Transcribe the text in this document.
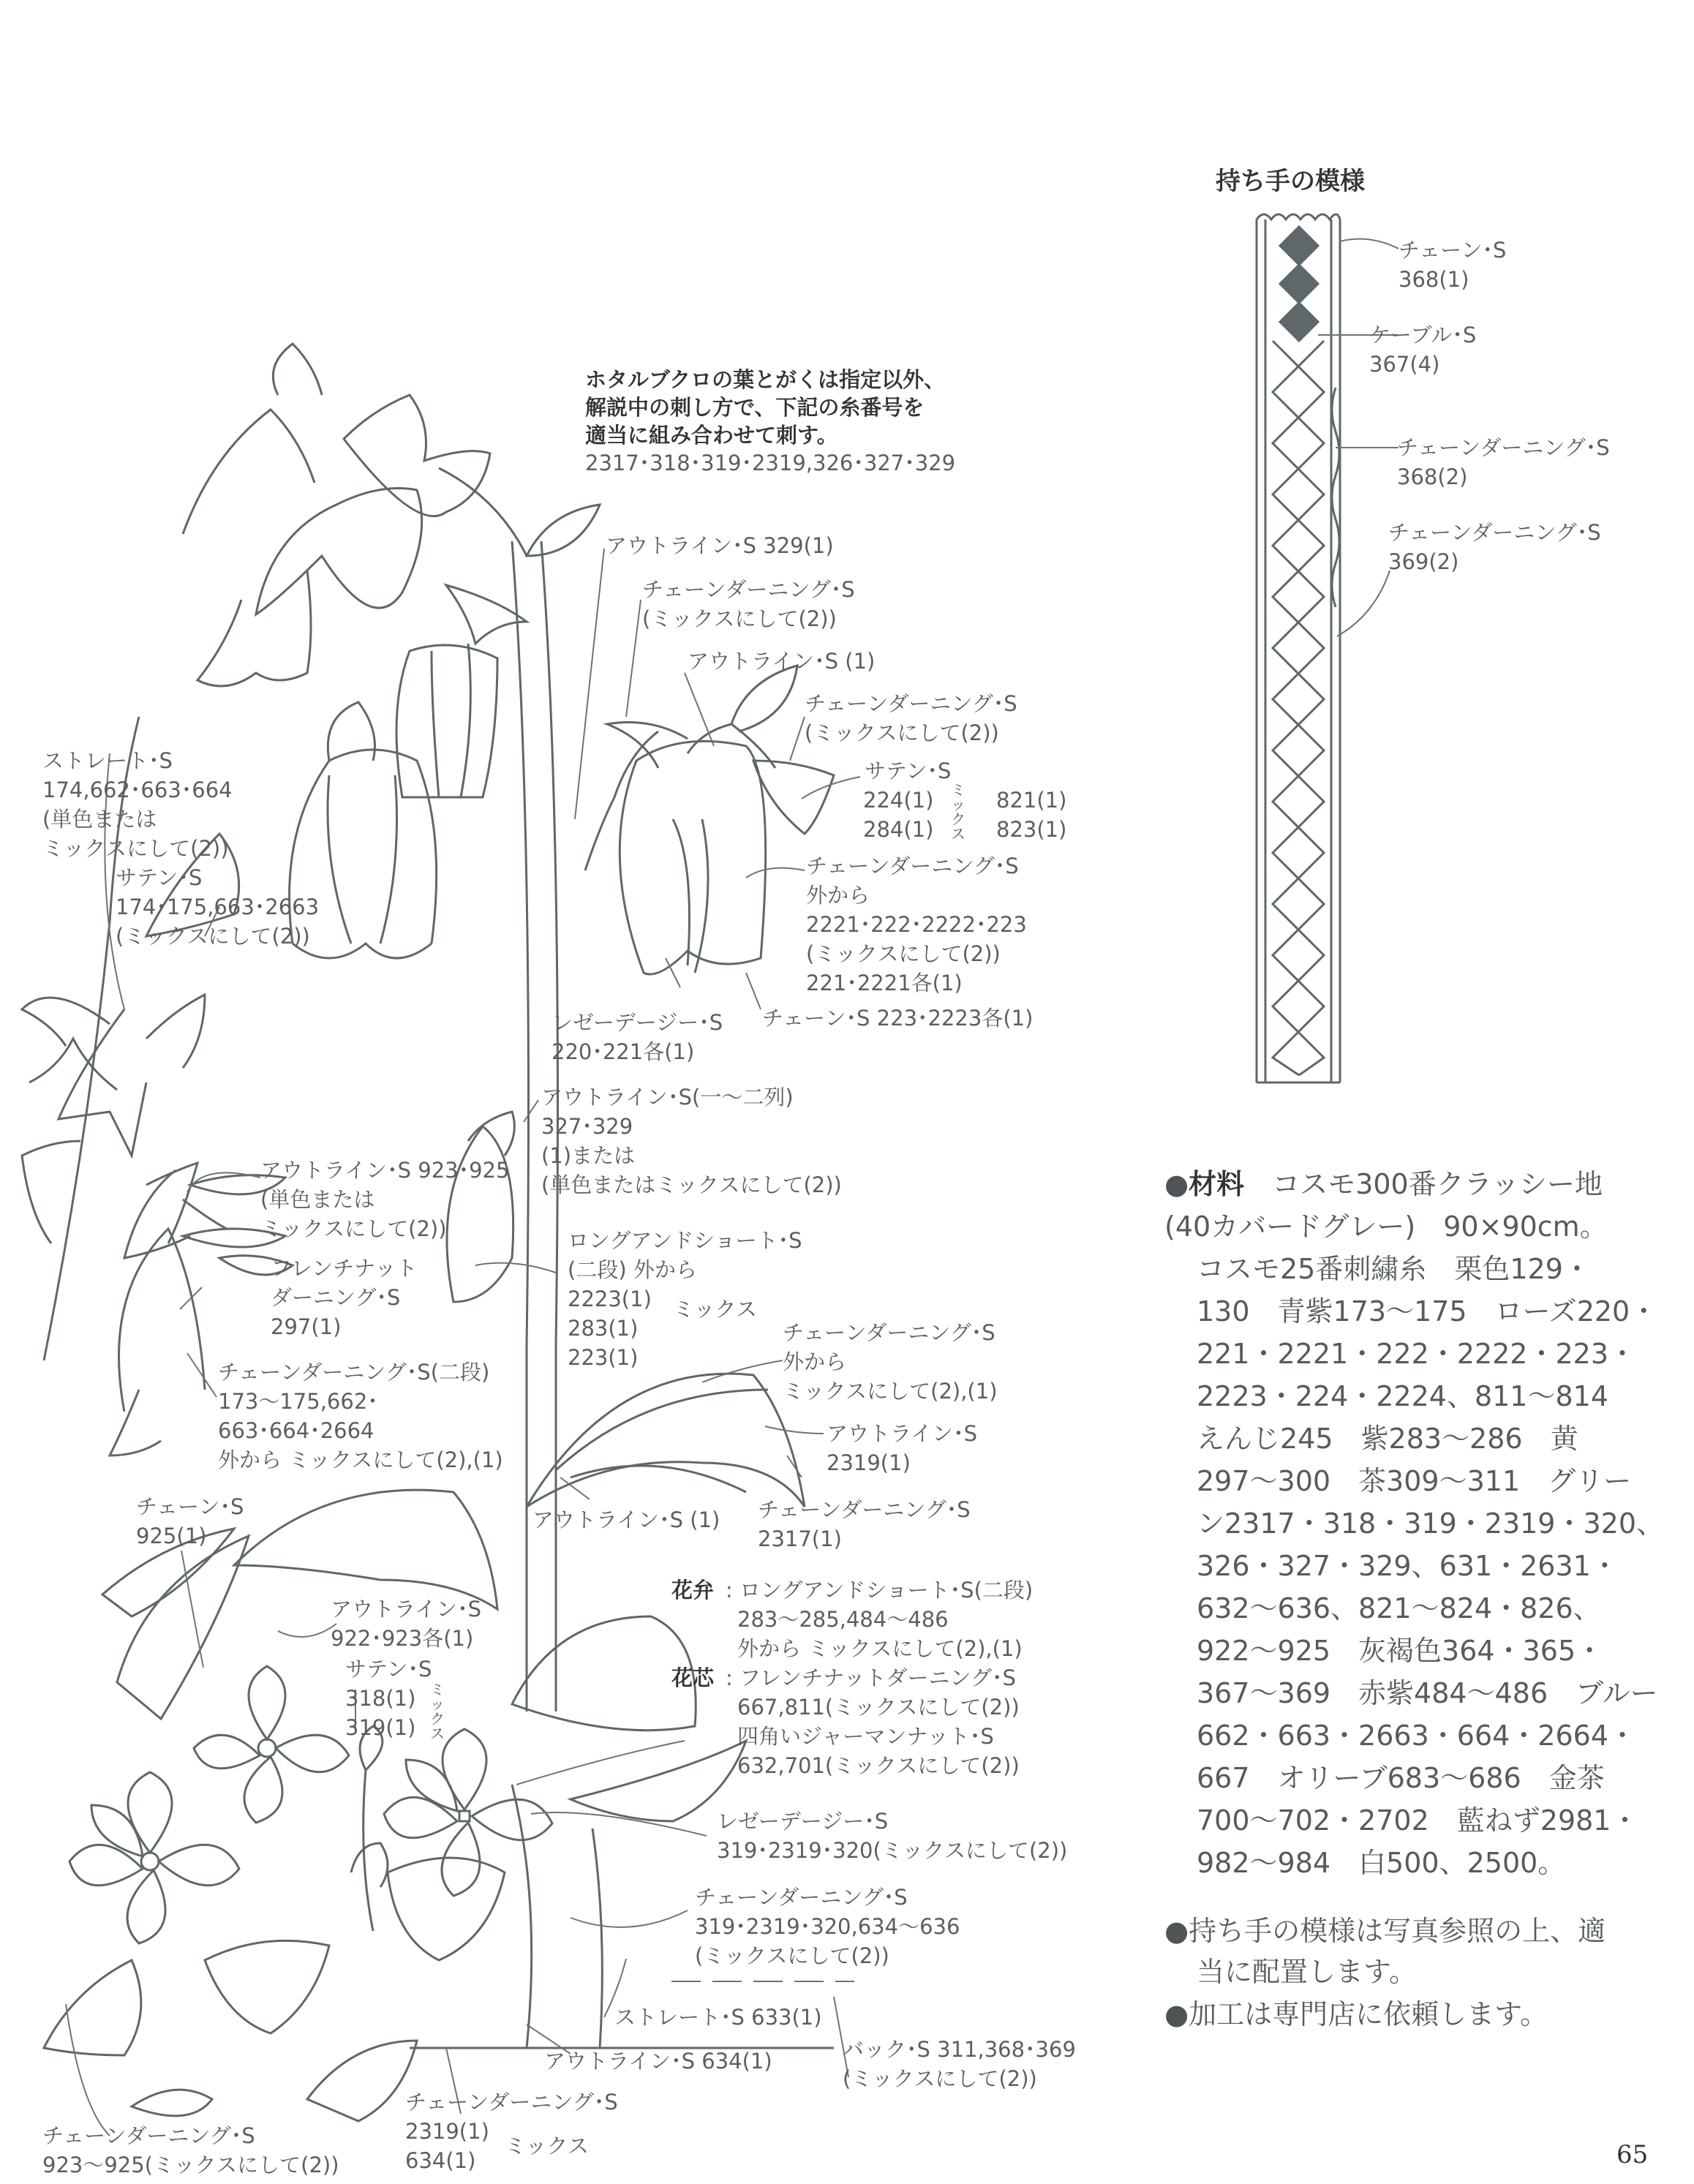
持ち手の模様
チェーン･S
368(1)
ケーブル･S
367(4)
チェーンダーニング･S
368(2)
チェーンダーニング･S
369(2)
ホタルブクロの葉とがくは指定以外、
解説中の刺し方で、下記の糸番号を
適当に組み合わせて刺す。
2317･318･319･2319,326･327･329
アウトライン･S 329(1)
チェーンダーニング･S
(ミックスにして(2))
アウトライン･S (1)
チェーンダーニング･S
(ミックスにして(2))
サテン･S
224(1)
284(1)
ミ
ッ
ク
ス
821(1)
823(1)
チェーンダーニング･S
外から
2221･222･2222･223
(ミックスにして(2))
221･2221各(1)
チェーン･S 223･2223各(1)
レゼーデージー･S
220･221各(1)
ストレート･S
174,662･663･664
(単色または
ミックスにして(2))
サテン･S
174･175,663･2663
(ミックスにして(2))
アウトライン･S(一～二列)
327･329
(1)または
(単色またはミックスにして(2))
アウトライン･S 923･925
(単色または
ミックスにして(2))
フレンチナット
ダーニング･S
297(1)
ロングアンドショート･S
(二段) 外から
2223(1)
283(1)
223(1)
ミックス
チェーンダーニング･S(二段)
173～175,662･
663･664･2664
外から ミックスにして(2),(1)
チェーンダーニング･S
外から
ミックスにして(2),(1)
アウトライン･S
2319(1)
アウトライン･S (1) チェーンダーニング･S
2317(1)
チェーン･S
925(1)
アウトライン･S
922･923各(1)
サテン･S
318(1)
319(1)
ミ
ッ
ク
ス
花弁 : ロングアンドショート･S(二段)
283～285,484～486
外から ミックスにして(2),(1)
花芯 : フレンチナットダーニング･S
667,811(ミックスにして(2))
四角いジャーマンナット･S
632,701(ミックスにして(2))
レゼーデージー･S
319･2319･320(ミックスにして(2))
チェーンダーニング･S
319･2319･320,634～636
(ミックスにして(2))
ストレート･S 633(1)
アウトライン･S 634(1)	バック･S 311,368･369
(ミックスにして(2))
チェーンダーニング･S
2319(1)
634(1)
ミックス
チェーンダーニング･S
923～925(ミックスにして(2))
●材料　コスモ300番クラッシー地
(40カバードグレー)　90×90cm。
コスモ25番刺繍糸　栗色129・
130　青紫173～175　ローズ220・
221・2221・222・2222・223・
2223・224・2224、811～814
えんじ245　紫283～286　黄
297～300　茶309～311　グリー
ン2317・318・319・2319・320、
326・327・329、631・2631・
632～636、821～824・826、
922～925　灰褐色364・365・
367～369　赤紫484～486　ブルー
662・663・2663・664・2664・
667　オリーブ683～686　金茶
700～702・2702　藍ねず2981・
982～984　白500、2500。
●持ち手の模様は写真参照の上、適
当に配置します。
●加工は専門店に依頼します。
65
